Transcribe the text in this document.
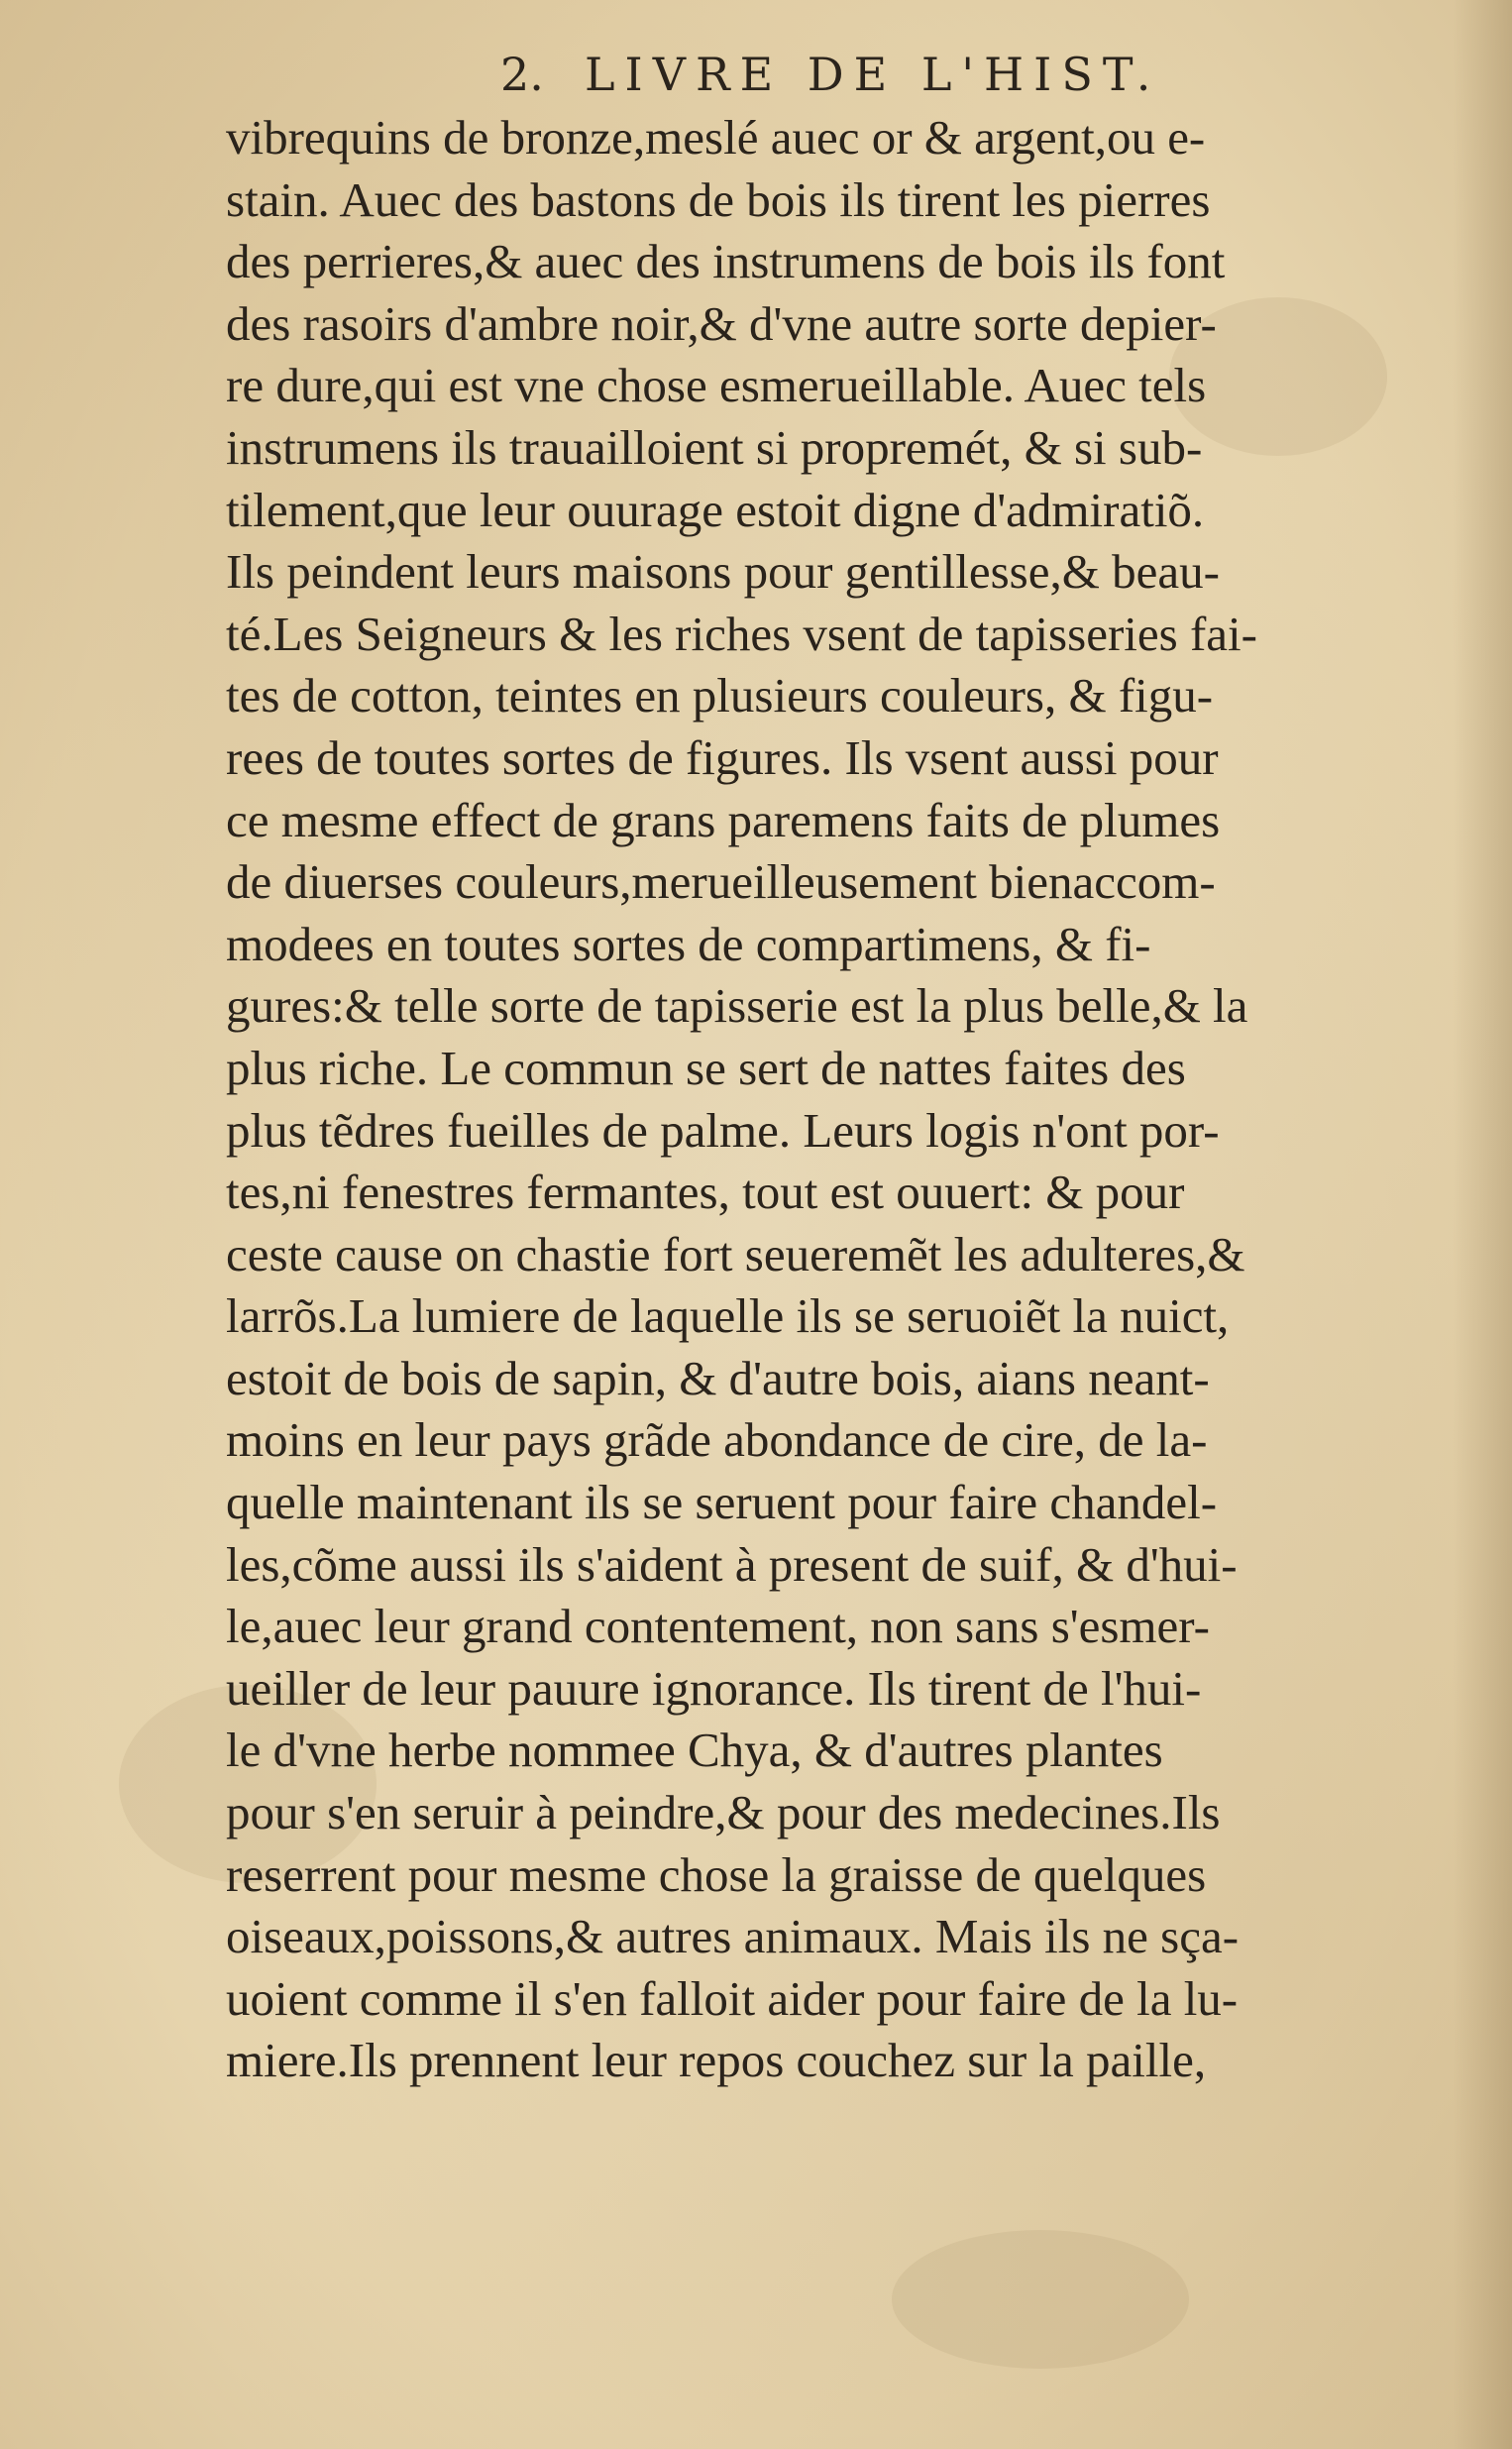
2. LIVRE DE L'HIST.
vibrequins de bronze,meslé auec or & argent,ou e-
stain. Auec des bastons de bois ils tirent les pierres
des perrieres,& auec des instrumens de bois ils font
des rasoirs d'ambre noir,& d'vne autre sorte depier-
re dure,qui est vne chose esmerueillable. Auec tels
instrumens ils trauailloient si propremét, & si sub-
tilement,que leur ouurage estoit digne d'admiratiõ.
Ils peindent leurs maisons pour gentillesse,& beau-
té.Les Seigneurs & les riches vsent de tapisseries fai-
tes de cotton, teintes en plusieurs couleurs, & figu-
rees de toutes sortes de figures. Ils vsent aussi pour
ce mesme effect de grans paremens faits de plumes
de diuerses couleurs,merueilleusement bienaccom-
modees en toutes sortes de compartimens, & fi-
gures:& telle sorte de tapisserie est la plus belle,& la
plus riche. Le commun se sert de nattes faites des
plus tẽdres fueilles de palme. Leurs logis n'ont por-
tes,ni fenestres fermantes, tout est ouuert: & pour
ceste cause on chastie fort seueremẽt les adulteres,&
larrõs.La lumiere de laquelle ils se seruoiẽt la nuict,
estoit de bois de sapin, & d'autre bois, aians neant-
moins en leur pays grãde abondance de cire, de la-
quelle maintenant ils se seruent pour faire chandel-
les,cõme aussi ils s'aident à present de suif, & d'hui-
le,auec leur grand contentement, non sans s'esmer-
ueiller de leur pauure ignorance. Ils tirent de l'hui-
le d'vne herbe nommee Chya, & d'autres plantes
pour s'en seruir à peindre,& pour des medecines.Ils
reserrent pour mesme chose la graisse de quelques
oiseaux,poissons,& autres animaux. Mais ils ne sça-
uoient comme il s'en falloit aider pour faire de la lu-
miere.Ils prennent leur repos couchez sur la paille,
